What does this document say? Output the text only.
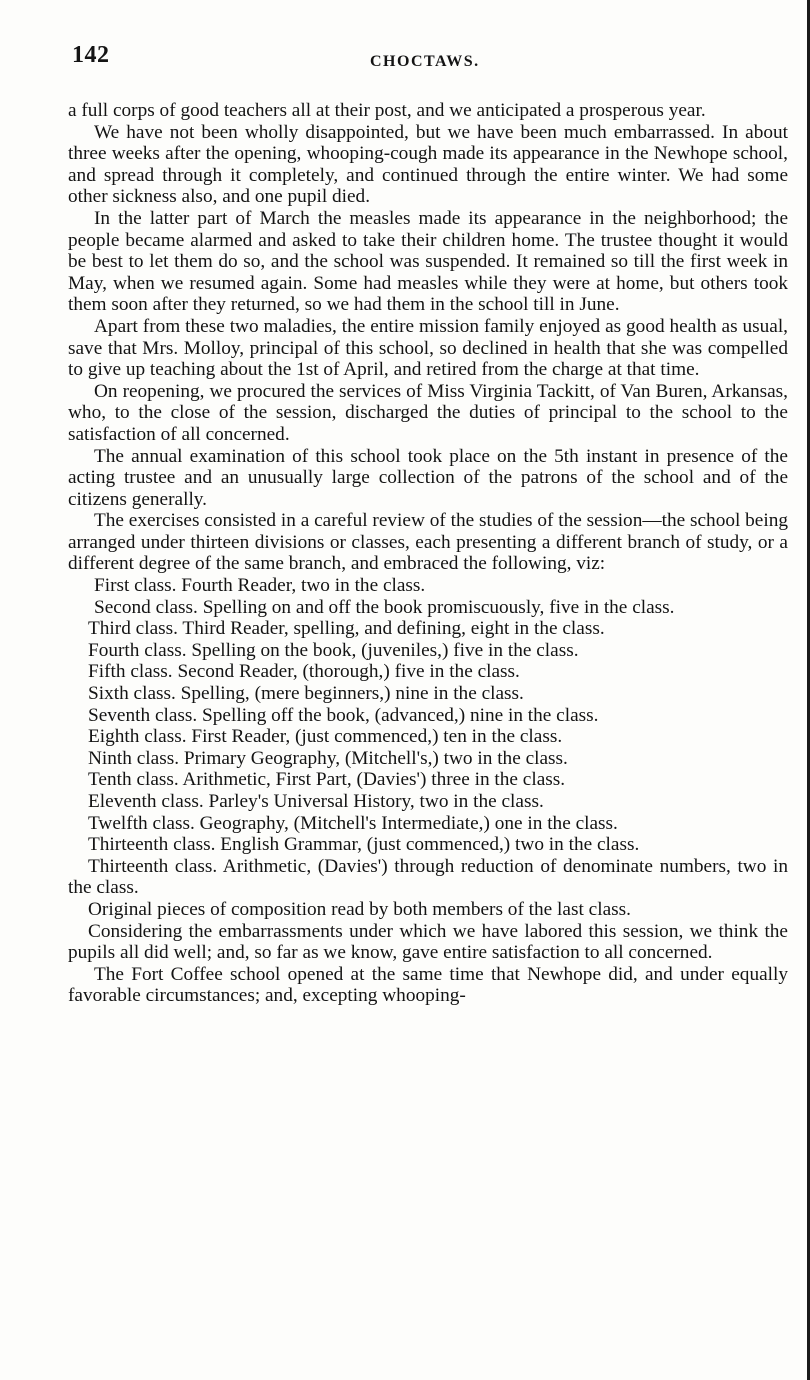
142	CHOCTAWS.

a full corps of good teachers all at their post, and we anticipated a prosperous year.

We have not been wholly disappointed, but we have been much embarrassed. In about three weeks after the opening, whooping-cough made its appearance in the Newhope school, and spread through it completely, and continued through the entire winter. We had some other sickness also, and one pupil died.

In the latter part of March the measles made its appearance in the neighborhood; the people became alarmed and asked to take their children home. The trustee thought it would be best to let them do so, and the school was suspended. It remained so till the first week in May, when we resumed again. Some had measles while they were at home, but others took them soon after they returned, so we had them in the school till in June.

Apart from these two maladies, the entire mission family enjoyed as good health as usual, save that Mrs. Molloy, principal of this school, so declined in health that she was compelled to give up teaching about the 1st of April, and retired from the charge at that time.

On reopening, we procured the services of Miss Virginia Tackitt, of Van Buren, Arkansas, who, to the close of the session, discharged the duties of principal to the school to the satisfaction of all concerned.

The annual examination of this school took place on the 5th instant in presence of the acting trustee and an unusually large collection of the patrons of the school and of the citizens generally.

The exercises consisted in a careful review of the studies of the session—the school being arranged under thirteen divisions or classes, each presenting a different branch of study, or a different degree of the same branch, and embraced the following, viz:

First class. Fourth Reader, two in the class.

Second class. Spelling on and off the book promiscuously, five in the class.

Third class. Third Reader, spelling, and defining, eight in the class.

Fourth class. Spelling on the book, (juveniles,) five in the class.

Fifth class. Second Reader, (thorough,) five in the class.

Sixth class. Spelling, (mere beginners,) nine in the class.

Seventh class. Spelling off the book, (advanced,) nine in the class.

Eighth class. First Reader, (just commenced,) ten in the class.

Ninth class. Primary Geography, (Mitchell's,) two in the class.

Tenth class. Arithmetic, First Part, (Davies') three in the class.

Eleventh class. Parley's Universal History, two in the class.

Twelfth class. Geography, (Mitchell's Intermediate,) one in the class.

Thirteenth class. English Grammar, (just commenced,) two in the class.

Thirteenth class. Arithmetic, (Davies') through reduction of denominate numbers, two in the class.

Original pieces of composition read by both members of the last class.

Considering the embarrassments under which we have labored this session, we think the pupils all did well; and, so far as we know, gave entire satisfaction to all concerned.

The Fort Coffee school opened at the same time that Newhope did, and under equally favorable circumstances; and, excepting whooping-
